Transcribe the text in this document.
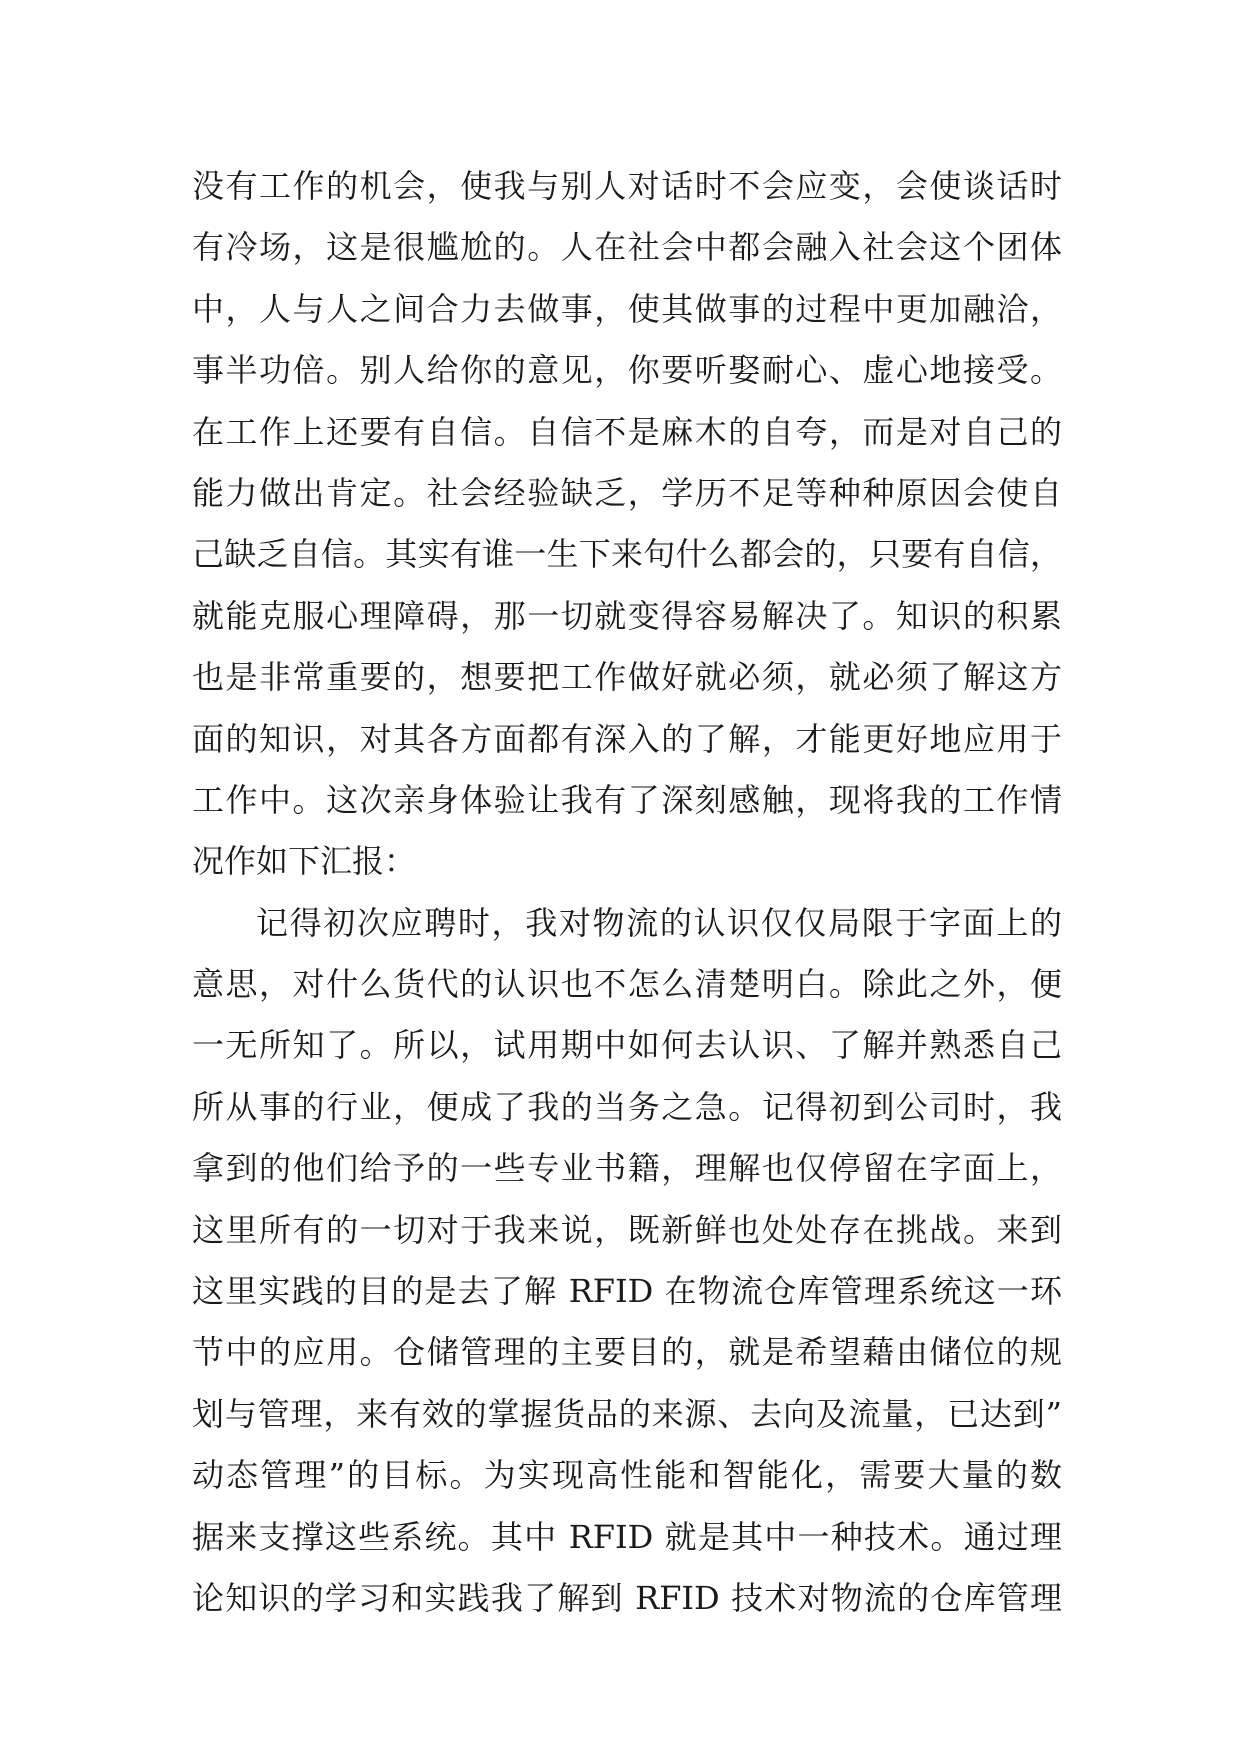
没有工作的机会，使我与别人对话时不会应变，会使谈话时
有冷场，这是很尴尬的。人在社会中都会融入社会这个团体
中，人与人之间合力去做事，使其做事的过程中更加融洽，
事半功倍。别人给你的意见，你要听娶耐心、虚心地接受。
在工作上还要有自信。自信不是麻木的自夸，而是对自己的
能力做出肯定。社会经验缺乏，学历不足等种种原因会使自
己缺乏自信。其实有谁一生下来句什么都会的，只要有自信，
就能克服心理障碍，那一切就变得容易解决了。知识的积累
也是非常重要的，想要把工作做好就必须，就必须了解这方
面的知识，对其各方面都有深入的了解，才能更好地应用于
工作中。这次亲身体验让我有了深刻感触，现将我的工作情
况作如下汇报：
记得初次应聘时，我对物流的认识仅仅局限于字面上的
意思，对什么货代的认识也不怎么清楚明白。除此之外，便
一无所知了。所以，试用期中如何去认识、了解并熟悉自己
所从事的行业，便成了我的当务之急。记得初到公司时，我
拿到的他们给予的一些专业书籍，理解也仅停留在字面上，
这里所有的一切对于我来说，既新鲜也处处存在挑战。来到
这里实践的目的是去了解 RFID 在物流仓库管理系统这一环
节中的应用。仓储管理的主要目的，就是希望藉由储位的规
划与管理，来有效的掌握货品的来源、去向及流量，已达到”
动态管理”的目标。为实现高性能和智能化，需要大量的数
据来支撑这些系统。其中 RFID 就是其中一种技术。通过理
论知识的学习和实践我了解到 RFID 技术对物流的仓库管理
